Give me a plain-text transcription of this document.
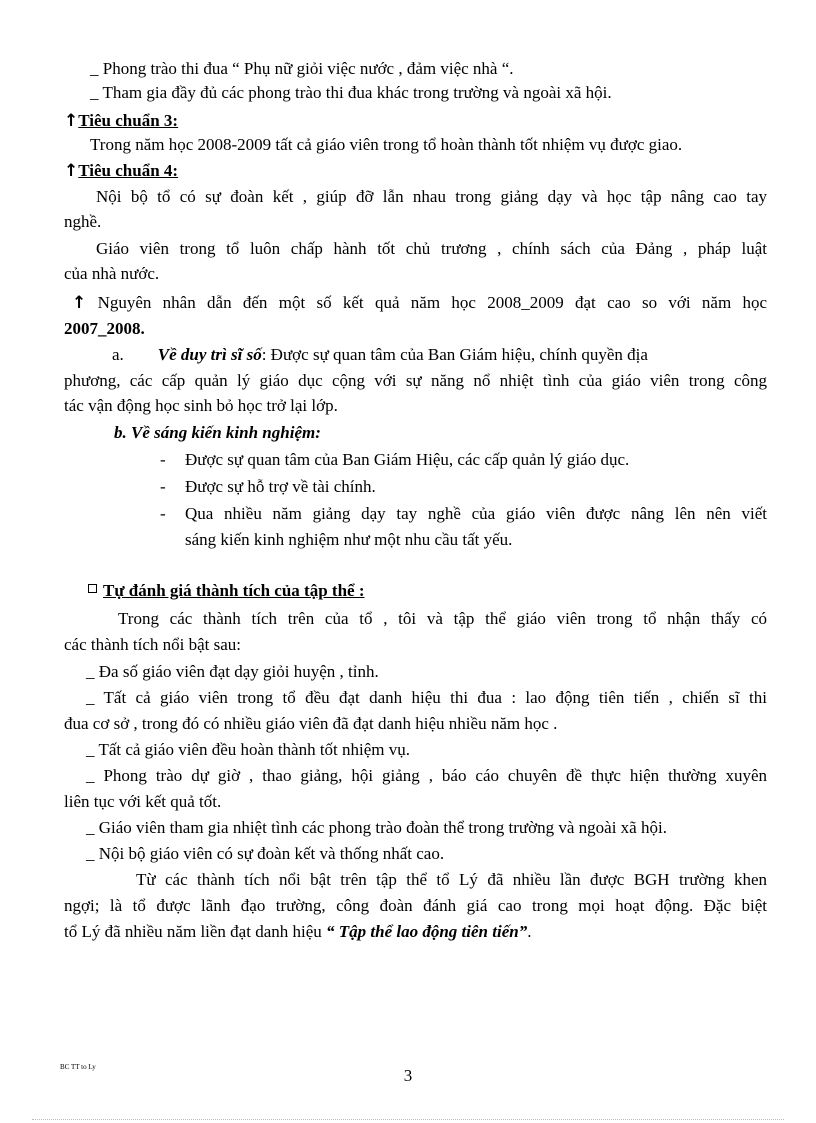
_ Phong trào thi đua “ Phụ nữ giỏi việc nước , đảm việc nhà “.
_ Tham gia đầy đủ các phong trào thi đua khác trong trường và ngoài xã hội.
↑Tiêu chuẩn 3:
Trong năm học 2008-2009 tất cả giáo viên trong tổ hoàn thành tốt nhiệm vụ được giao.
↑Tiêu chuẩn 4:
Nội bộ tổ có sự đoàn kết , giúp đỡ lẫn nhau trong giảng dạy và học tập nâng cao tay
nghề.
Giáo viên trong tổ luôn chấp hành tốt chủ trương , chính sách của Đảng , pháp luật
của nhà nước.
↑ Nguyên nhân dẫn đến một số kết quả năm học 2008_2009 đạt cao so với năm học
2007_2008.
a. Về duy trì sĩ số: Được sự quan tâm của Ban Giám hiệu, chính quyền địa
phương, các cấp quản lý giáo dục cộng với sự năng nổ nhiệt tình của giáo viên trong công
tác vận động học sinh bỏ học trở lại lớp.
b. Về sáng kiến kinh nghiệm:
- Được sự quan tâm của Ban Giám Hiệu, các cấp quản lý giáo dục.
- Được sự hỗ trợ về tài chính.
- Qua nhiều năm giảng dạy tay nghề của giáo viên được nâng lên nên viết
sáng kiến kinh nghiệm như một nhu cầu tất yếu.
Tự đánh giá thành tích của tập thể :
Trong các thành tích trên của tổ , tôi và tập thể giáo viên trong tổ nhận thấy có
các thành tích nổi bật sau:
_ Đa số giáo viên đạt dạy giỏi huyện , tỉnh.
_ Tất cả giáo viên trong tổ đều đạt danh hiệu thi đua : lao động tiên tiến , chiến sĩ thi
đua cơ sở , trong đó có nhiều giáo viên đã đạt danh hiệu nhiều năm học .
_ Tất cả giáo viên đều hoàn thành tốt nhiệm vụ.
_ Phong trào dự giờ , thao giảng, hội giảng , báo cáo chuyên đề thực hiện thường xuyên
liên tục với kết quả tốt.
_ Giáo viên tham gia nhiệt tình các phong trào đoàn thể trong trường và ngoài xã hội.
_ Nội bộ giáo viên có sự đoàn kết và thống nhất cao.
Từ các thành tích nổi bật trên tập thể tổ Lý đã nhiều lần được BGH trường khen
ngợi; là tổ được lãnh đạo trường, công đoàn đánh giá cao trong mọi hoạt động. Đặc biệt
tổ Lý đã nhiều năm liền đạt danh hiệu “ Tập thể lao động tiên tiến”.
BC TT to Ly	3
